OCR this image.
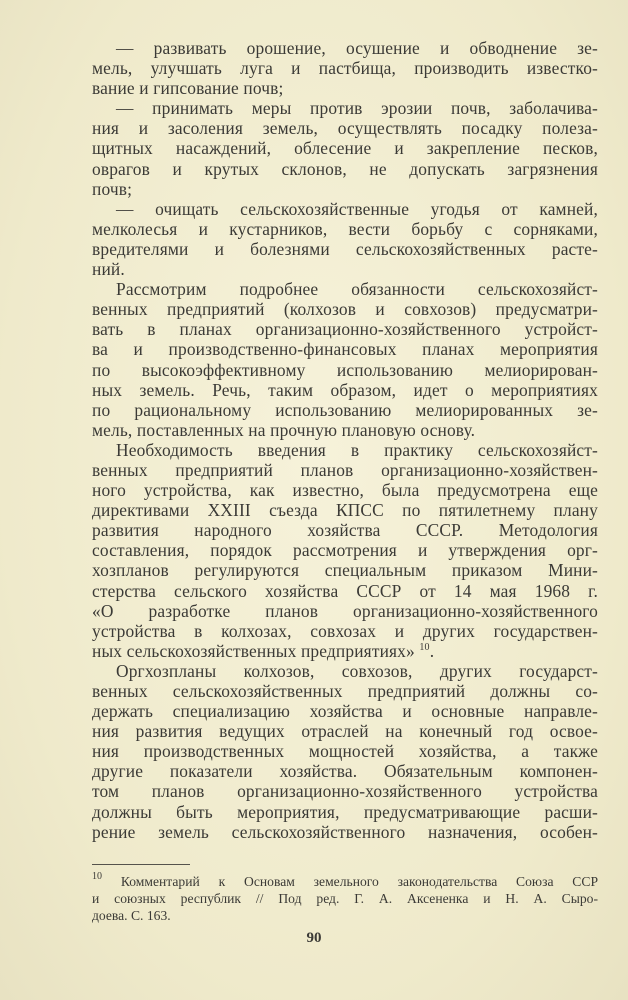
— развивать орошение, осушение и обводнение зе-
мель, улучшать луга и пастбища, производить известко-
вание и гипсование почв;
— принимать меры против эрозии почв, заболачива-
ния и засоления земель, осуществлять посадку полеза-
щитных насаждений, облесение и закрепление песков,
оврагов и крутых склонов, не допускать загрязнения
почв;
— очищать сельскохозяйственные угодья от камней,
мелколесья и кустарников, вести борьбу с сорняками,
вредителями и болезнями сельскохозяйственных расте-
ний.
Рассмотрим подробнее обязанности сельскохозяйст-
венных предприятий (колхозов и совхозов) предусматри-
вать в планах организационно-хозяйственного устройст-
ва и производственно-финансовых планах мероприятия
по высокоэффективному использованию мелиорирован-
ных земель. Речь, таким образом, идет о мероприятиях
по рациональному использованию мелиорированных зе-
мель, поставленных на прочную плановую основу.
Необходимость введения в практику сельскохозяйст-
венных предприятий планов организационно-хозяйствен-
ного устройства, как известно, была предусмотрена еще
директивами XXIII съезда КПСС по пятилетнему плану
развития народного хозяйства СССР. Методология
составления, порядок рассмотрения и утверждения орг-
хозпланов регулируются специальным приказом Мини-
стерства сельского хозяйства СССР от 14 мая 1968 г.
«О разработке планов организационно-хозяйственного
устройства в колхозах, совхозах и других государствен-
ных сельскохозяйственных предприятиях» $^{10}$.
Оргхозпланы колхозов, совхозов, других государст-
венных сельскохозяйственных предприятий должны со-
держать специализацию хозяйства и основные направле-
ния развития ведущих отраслей на конечный год освое-
ния производственных мощностей хозяйства, а также
другие показатели хозяйства. Обязательным компонен-
том планов организационно-хозяйственного устройства
должны быть мероприятия, предусматривающие расши-
рение земель сельскохозяйственного назначения, особен-
$^{10}$ Комментарий к Основам земельного законодательства Союза ССР
и союзных республик // Под ред. Г. А. Аксененка и Н. А. Сыро-
доева. С. 163.
90
